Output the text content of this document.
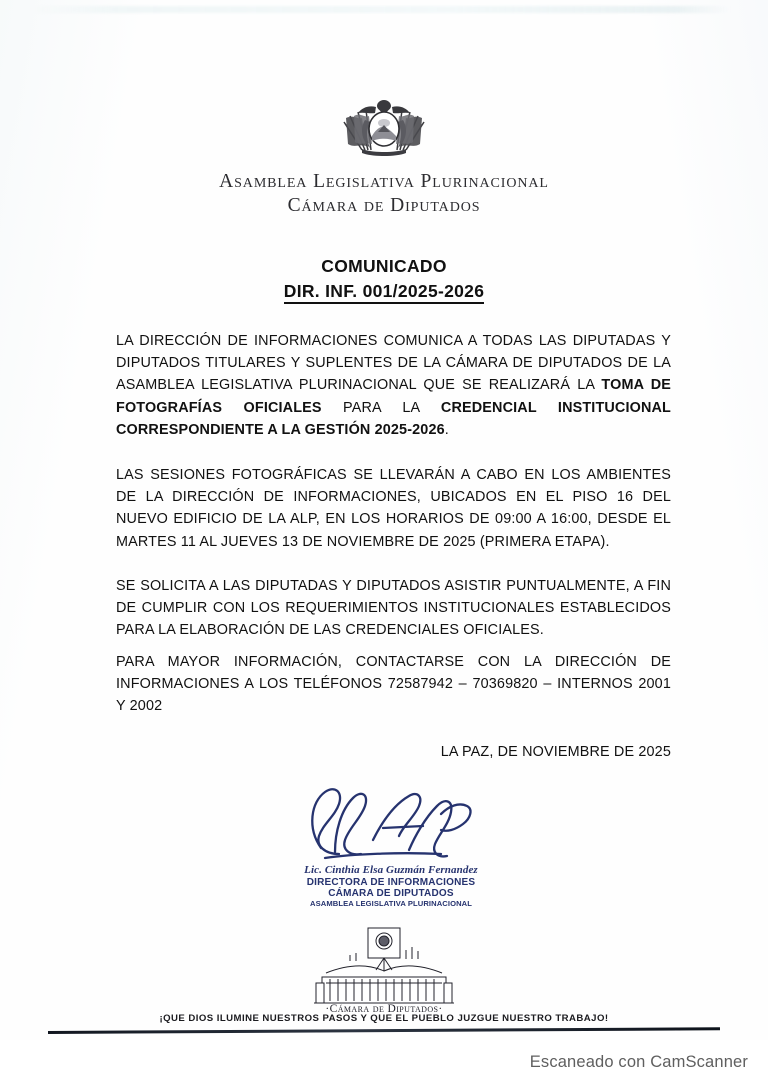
Asamblea Legislativa Plurinacional
Cámara de Diputados
COMUNICADO
DIR. INF. 001/2025-2026

LA DIRECCIÓN DE INFORMACIONES COMUNICA A TODAS LAS DIPUTADAS Y DIPUTADOS TITULARES Y SUPLENTES DE LA CÁMARA DE DIPUTADOS DE LA ASAMBLEA LEGISLATIVA PLURINACIONAL QUE SE REALIZARÁ LA TOMA DE FOTOGRAFÍAS OFICIALES PARA LA CREDENCIAL INSTITUCIONAL CORRESPONDIENTE A LA GESTIÓN 2025-2026.

LAS SESIONES FOTOGRÁFICAS SE LLEVARÁN A CABO EN LOS AMBIENTES DE LA DIRECCIÓN DE INFORMACIONES, UBICADOS EN EL PISO 16 DEL NUEVO EDIFICIO DE LA ALP, EN LOS HORARIOS DE 09:00 A 16:00, DESDE EL MARTES 11 AL JUEVES 13 DE NOVIEMBRE DE 2025 (PRIMERA ETAPA).

SE SOLICITA A LAS DIPUTADAS Y DIPUTADOS ASISTIR PUNTUALMENTE, A FIN DE CUMPLIR CON LOS REQUERIMIENTOS INSTITUCIONALES ESTABLECIDOS PARA LA ELABORACIÓN DE LAS CREDENCIALES OFICIALES.

PARA MAYOR INFORMACIÓN, CONTACTARSE CON LA DIRECCIÓN DE INFORMACIONES A LOS TELÉFONOS 72587942 – 70369820 – INTERNOS 2001 Y 2002

LA PAZ, DE NOVIEMBRE DE 2025
Lic. Cinthia Elsa Guzmán Fernandez
DIRECTORA DE INFORMACIONES
CÁMARA DE DIPUTADOS
ASAMBLEA LEGISLATIVA PLURINACIONAL
·Cámara de Diputados·
¡QUE DIOS ILUMINE NUESTROS PASOS Y QUE EL PUEBLO JUZGUE NUESTRO TRABAJO!
Escaneado con CamScanner
